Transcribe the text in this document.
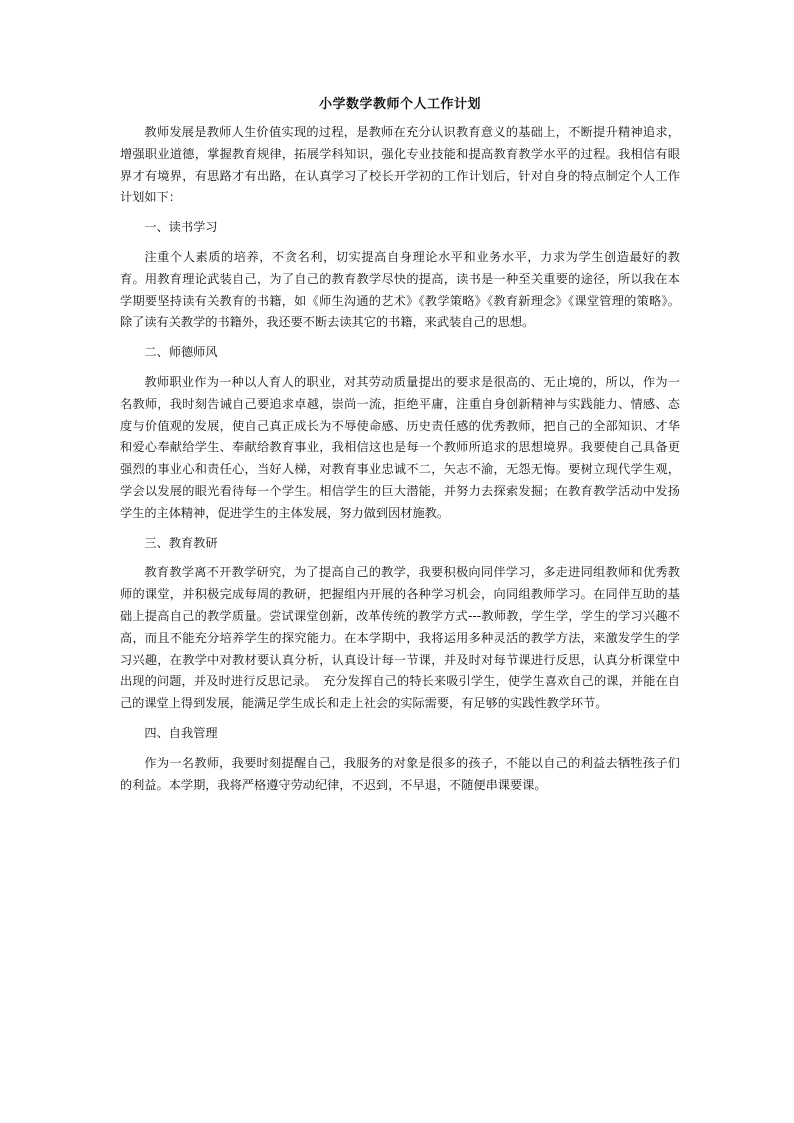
小学数学教师个人工作计划

教师发展是教师人生价值实现的过程，是教师在充分认识教育意义的基础上，不断提升精神追求，增强职业道德，掌握教育规律，拓展学科知识，强化专业技能和提高教育教学水平的过程。我相信有眼界才有境界，有思路才有出路，在认真学习了校长开学初的工作计划后，针对自身的特点制定个人工作计划如下：

一、读书学习

注重个人素质的培养，不贪名利，切实提高自身理论水平和业务水平，力求为学生创造最好的教育。用教育理论武装自己，为了自己的教育教学尽快的提高，读书是一种至关重要的途径，所以我在本学期要坚持读有关教育的书籍，如《师生沟通的艺术》《教学策略》《教育新理念》《课堂管理的策略》。除了读有关教学的书籍外，我还要不断去读其它的书籍，来武装自己的思想。

二、师德师风

教师职业作为一种以人育人的职业，对其劳动质量提出的要求是很高的、无止境的，所以，作为一名教师，我时刻告诫自己要追求卓越，崇尚一流，拒绝平庸，注重自身创新精神与实践能力、情感、态度与价值观的发展，使自己真正成长为不辱使命感、历史责任感的优秀教师，把自己的全部知识、才华和爱心奉献给学生、奉献给教育事业，我相信这也是每一个教师所追求的思想境界。我要使自己具备更强烈的事业心和责任心，当好人梯，对教育事业忠诚不二，矢志不渝，无怨无悔。要树立现代学生观，学会以发展的眼光看待每一个学生。相信学生的巨大潜能，并努力去探索发掘；在教育教学活动中发扬学生的主体精神，促进学生的主体发展，努力做到因材施教。

三、教育教研

教育教学离不开教学研究，为了提高自己的教学，我要积极向同伴学习，多走进同组教师和优秀教师的课堂，并积极完成每周的教研，把握组内开展的各种学习机会，向同组教师学习。在同伴互助的基础上提高自己的教学质量。尝试课堂创新，改革传统的教学方式---教师教，学生学，学生的学习兴趣不高，而且不能充分培养学生的探究能力。在本学期中，我将运用多种灵活的教学方法，来激发学生的学习兴趣，在教学中对教材要认真分析，认真设计每一节课，并及时对每节课进行反思，认真分析课堂中出现的问题，并及时进行反思记录。　充分发挥自己的特长来吸引学生，使学生喜欢自己的课，并能在自己的课堂上得到发展，能满足学生成长和走上社会的实际需要，有足够的实践性教学环节。

四、自我管理

作为一名教师，我要时刻提醒自己，我服务的对象是很多的孩子，不能以自己的利益去牺牲孩子们的利益。本学期，我将严格遵守劳动纪律，不迟到，不早退，不随便串课要课。
